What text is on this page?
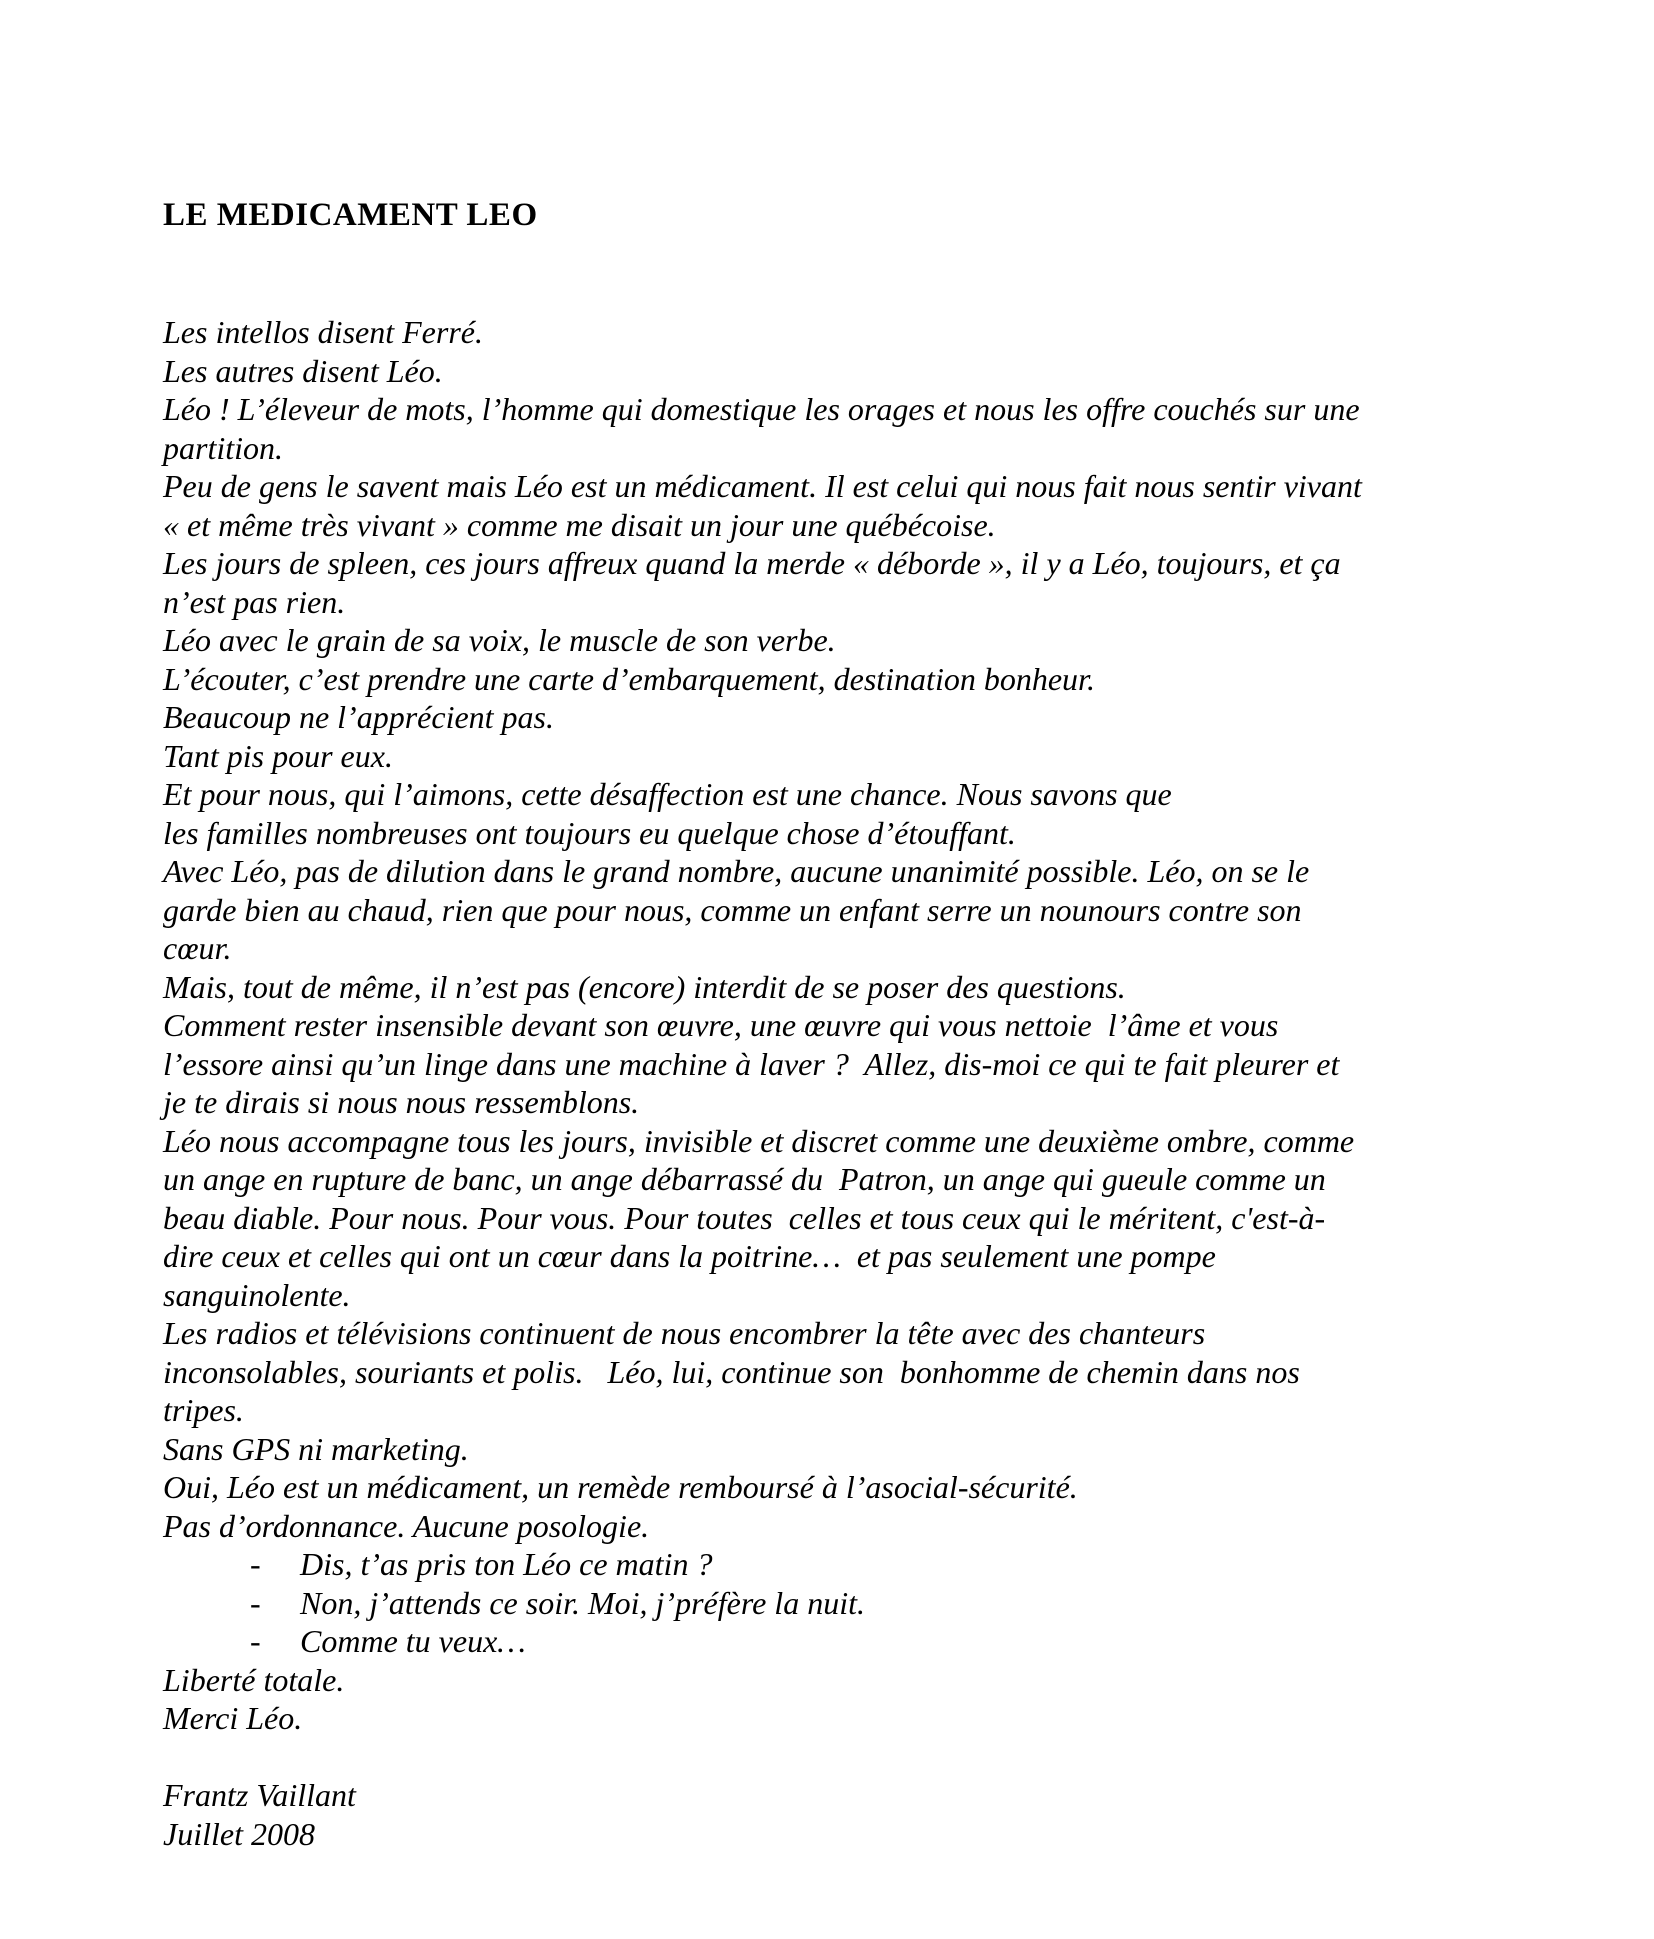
LE MEDICAMENT LEO
Les intellos disent Ferré.
Les autres disent Léo.
Léo ! L’éleveur de mots, l’homme qui domestique les orages et nous les offre couchés sur une
partition.
Peu de gens le savent mais Léo est un médicament. Il est celui qui nous fait nous sentir vivant
« et même très vivant » comme me disait un jour une québécoise.
Les jours de spleen, ces jours affreux quand la merde « déborde », il y a Léo, toujours, et ça
n’est pas rien.
Léo avec le grain de sa voix, le muscle de son verbe.
L’écouter, c’est prendre une carte d’embarquement, destination bonheur.
Beaucoup ne l’apprécient pas.
Tant pis pour eux.
Et pour nous, qui l’aimons, cette désaffection est une chance. Nous savons que
les familles nombreuses ont toujours eu quelque chose d’étouffant.
Avec Léo, pas de dilution dans le grand nombre, aucune unanimité possible. Léo, on se le
garde bien au chaud, rien que pour nous, comme un enfant serre un nounours contre son
cœur.
Mais, tout de même, il n’est pas (encore) interdit de se poser des questions.
Comment rester insensible devant son œuvre, une œuvre qui vous nettoie  l’âme et vous
l’essore ainsi qu’un linge dans une machine à laver ?  Allez, dis-moi ce qui te fait pleurer et
je te dirais si nous nous ressemblons.
Léo nous accompagne tous les jours, invisible et discret comme une deuxième ombre, comme
un ange en rupture de banc, un ange débarrassé du  Patron, un ange qui gueule comme un
beau diable. Pour nous. Pour vous. Pour toutes  celles et tous ceux qui le méritent, c'est-à-
dire ceux et celles qui ont un cœur dans la poitrine…  et pas seulement une pompe
sanguinolente.
Les radios et télévisions continuent de nous encombrer la tête avec des chanteurs
inconsolables, souriants et polis.   Léo, lui, continue son  bonhomme de chemin dans nos
tripes.
Sans GPS ni marketing.
Oui, Léo est un médicament, un remède remboursé à l’asocial-sécurité.
Pas d’ordonnance. Aucune posologie.
- Dis, t’as pris ton Léo ce matin ?
- Non, j’attends ce soir. Moi, j’préfère la nuit.
- Comme tu veux…
Liberté totale.
Merci Léo.
Frantz Vaillant
Juillet 2008
